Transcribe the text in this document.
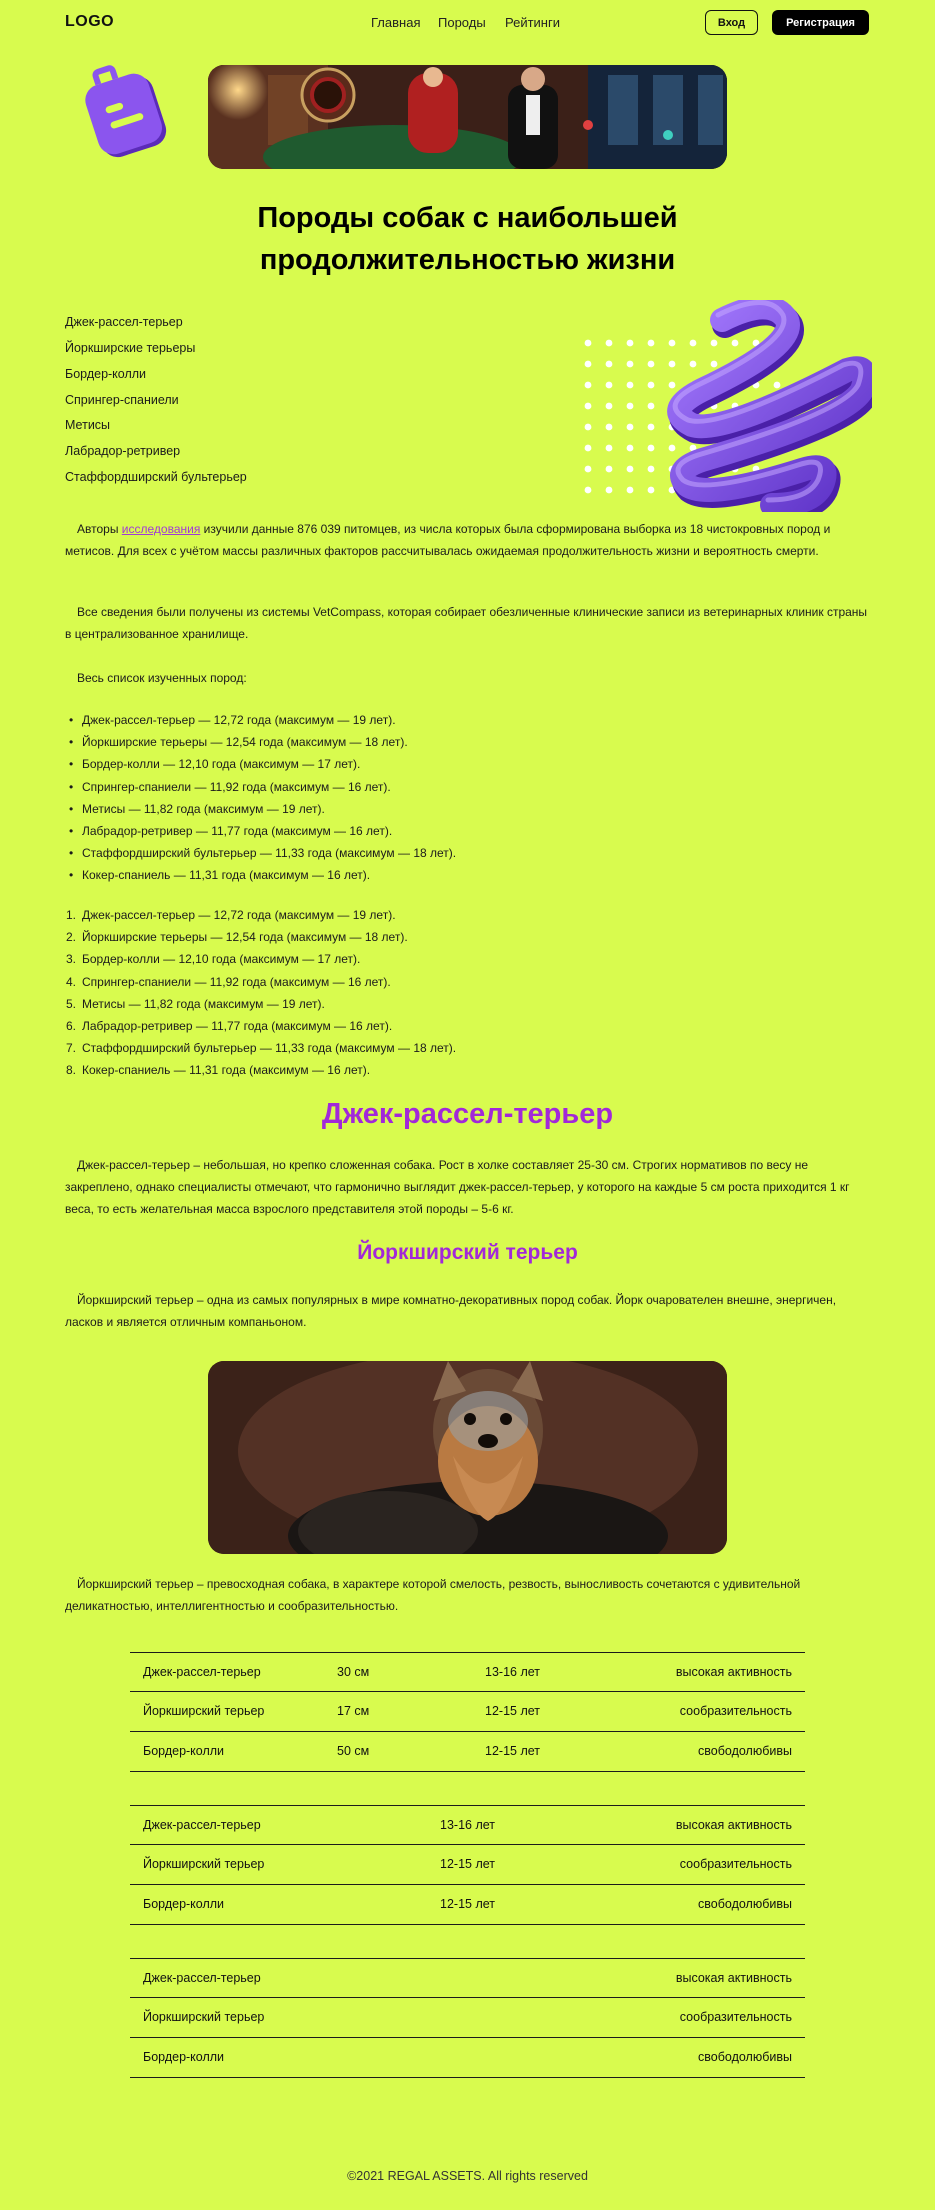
LOGO	Главная Породы Рейтинги	Вход	Регистрация
Породы собак с наибольшей продолжительностью жизни
Джек-рассел-терьер
Йоркширские терьеры
Бордер-колли
Спрингер-спаниели
Метисы
Лабрадор-ретривер
Стаффордширский бультерьер
Авторы исследования изучили данные 876 039 питомцев, из числа которых была сформирована выборка из 18 чистокровных пород и метисов. Для всех с учётом массы различных факторов рассчитывалась ожидаемая продолжительность жизни и вероятность смерти.
Все сведения были получены из системы VetCompass, которая собирает обезличенные клинические записи из ветеринарных клиник страны в централизованное хранилище.
Весь список изученных пород:
• Джек-рассел-терьер — 12,72 года (максимум — 19 лет).
• Йоркширские терьеры — 12,54 года (максимум — 18 лет).
• Бордер-колли — 12,10 года (максимум — 17 лет).
• Спрингер-спаниели — 11,92 года (максимум — 16 лет).
• Метисы — 11,82 года (максимум — 19 лет).
• Лабрадор-ретривер — 11,77 года (максимум — 16 лет).
• Стаффордширский бультерьер — 11,33 года (максимум — 18 лет).
• Кокер-спаниель — 11,31 года (максимум — 16 лет).
1. Джек-рассел-терьер — 12,72 года (максимум — 19 лет).
2. Йоркширские терьеры — 12,54 года (максимум — 18 лет).
3. Бордер-колли — 12,10 года (максимум — 17 лет).
4. Спрингер-спаниели — 11,92 года (максимум — 16 лет).
5. Метисы — 11,82 года (максимум — 19 лет).
6. Лабрадор-ретривер — 11,77 года (максимум — 16 лет).
7. Стаффордширский бультерьер — 11,33 года (максимум — 18 лет).
8. Кокер-спаниель — 11,31 года (максимум — 16 лет).
Джек-рассел-терьер
Джек-рассел-терьер – небольшая, но крепко сложенная собака. Рост в холке составляет 25-30 см. Строгих нормативов по весу не закреплено, однако специалисты отмечают, что гармонично выглядит джек-рассел-терьер, у которого на каждые 5 см роста приходится 1 кг веса, то есть желательная масса взрослого представителя этой породы – 5-6 кг.
Йоркширский терьер
Йоркширский терьер – одна из самых популярных в мире комнатно-декоративных пород собак. Йорк очарователен внешне, энергичен, ласков и является отличным компаньоном.
Йоркширский терьер – превосходная собака, в характере которой смелость, резвость, выносливость сочетаются с удивительной деликатностью, интеллигентностью и сообразительностью.
Джек-рассел-терьер	30 см	13-16 лет	высокая активность
Йоркширский терьер	17 см	12-15 лет	сообразительность
Бордер-колли	50 см	12-15 лет	свободолюбивы
Джек-рассел-терьер	13-16 лет	высокая активность
Йоркширский терьер	12-15 лет	сообразительность
Бордер-колли	12-15 лет	свободолюбивы
Джек-рассел-терьер	высокая активность
Йоркширский терьер	сообразительность
Бордер-колли	свободолюбивы
©2021 REGAL ASSETS. All rights reserved
